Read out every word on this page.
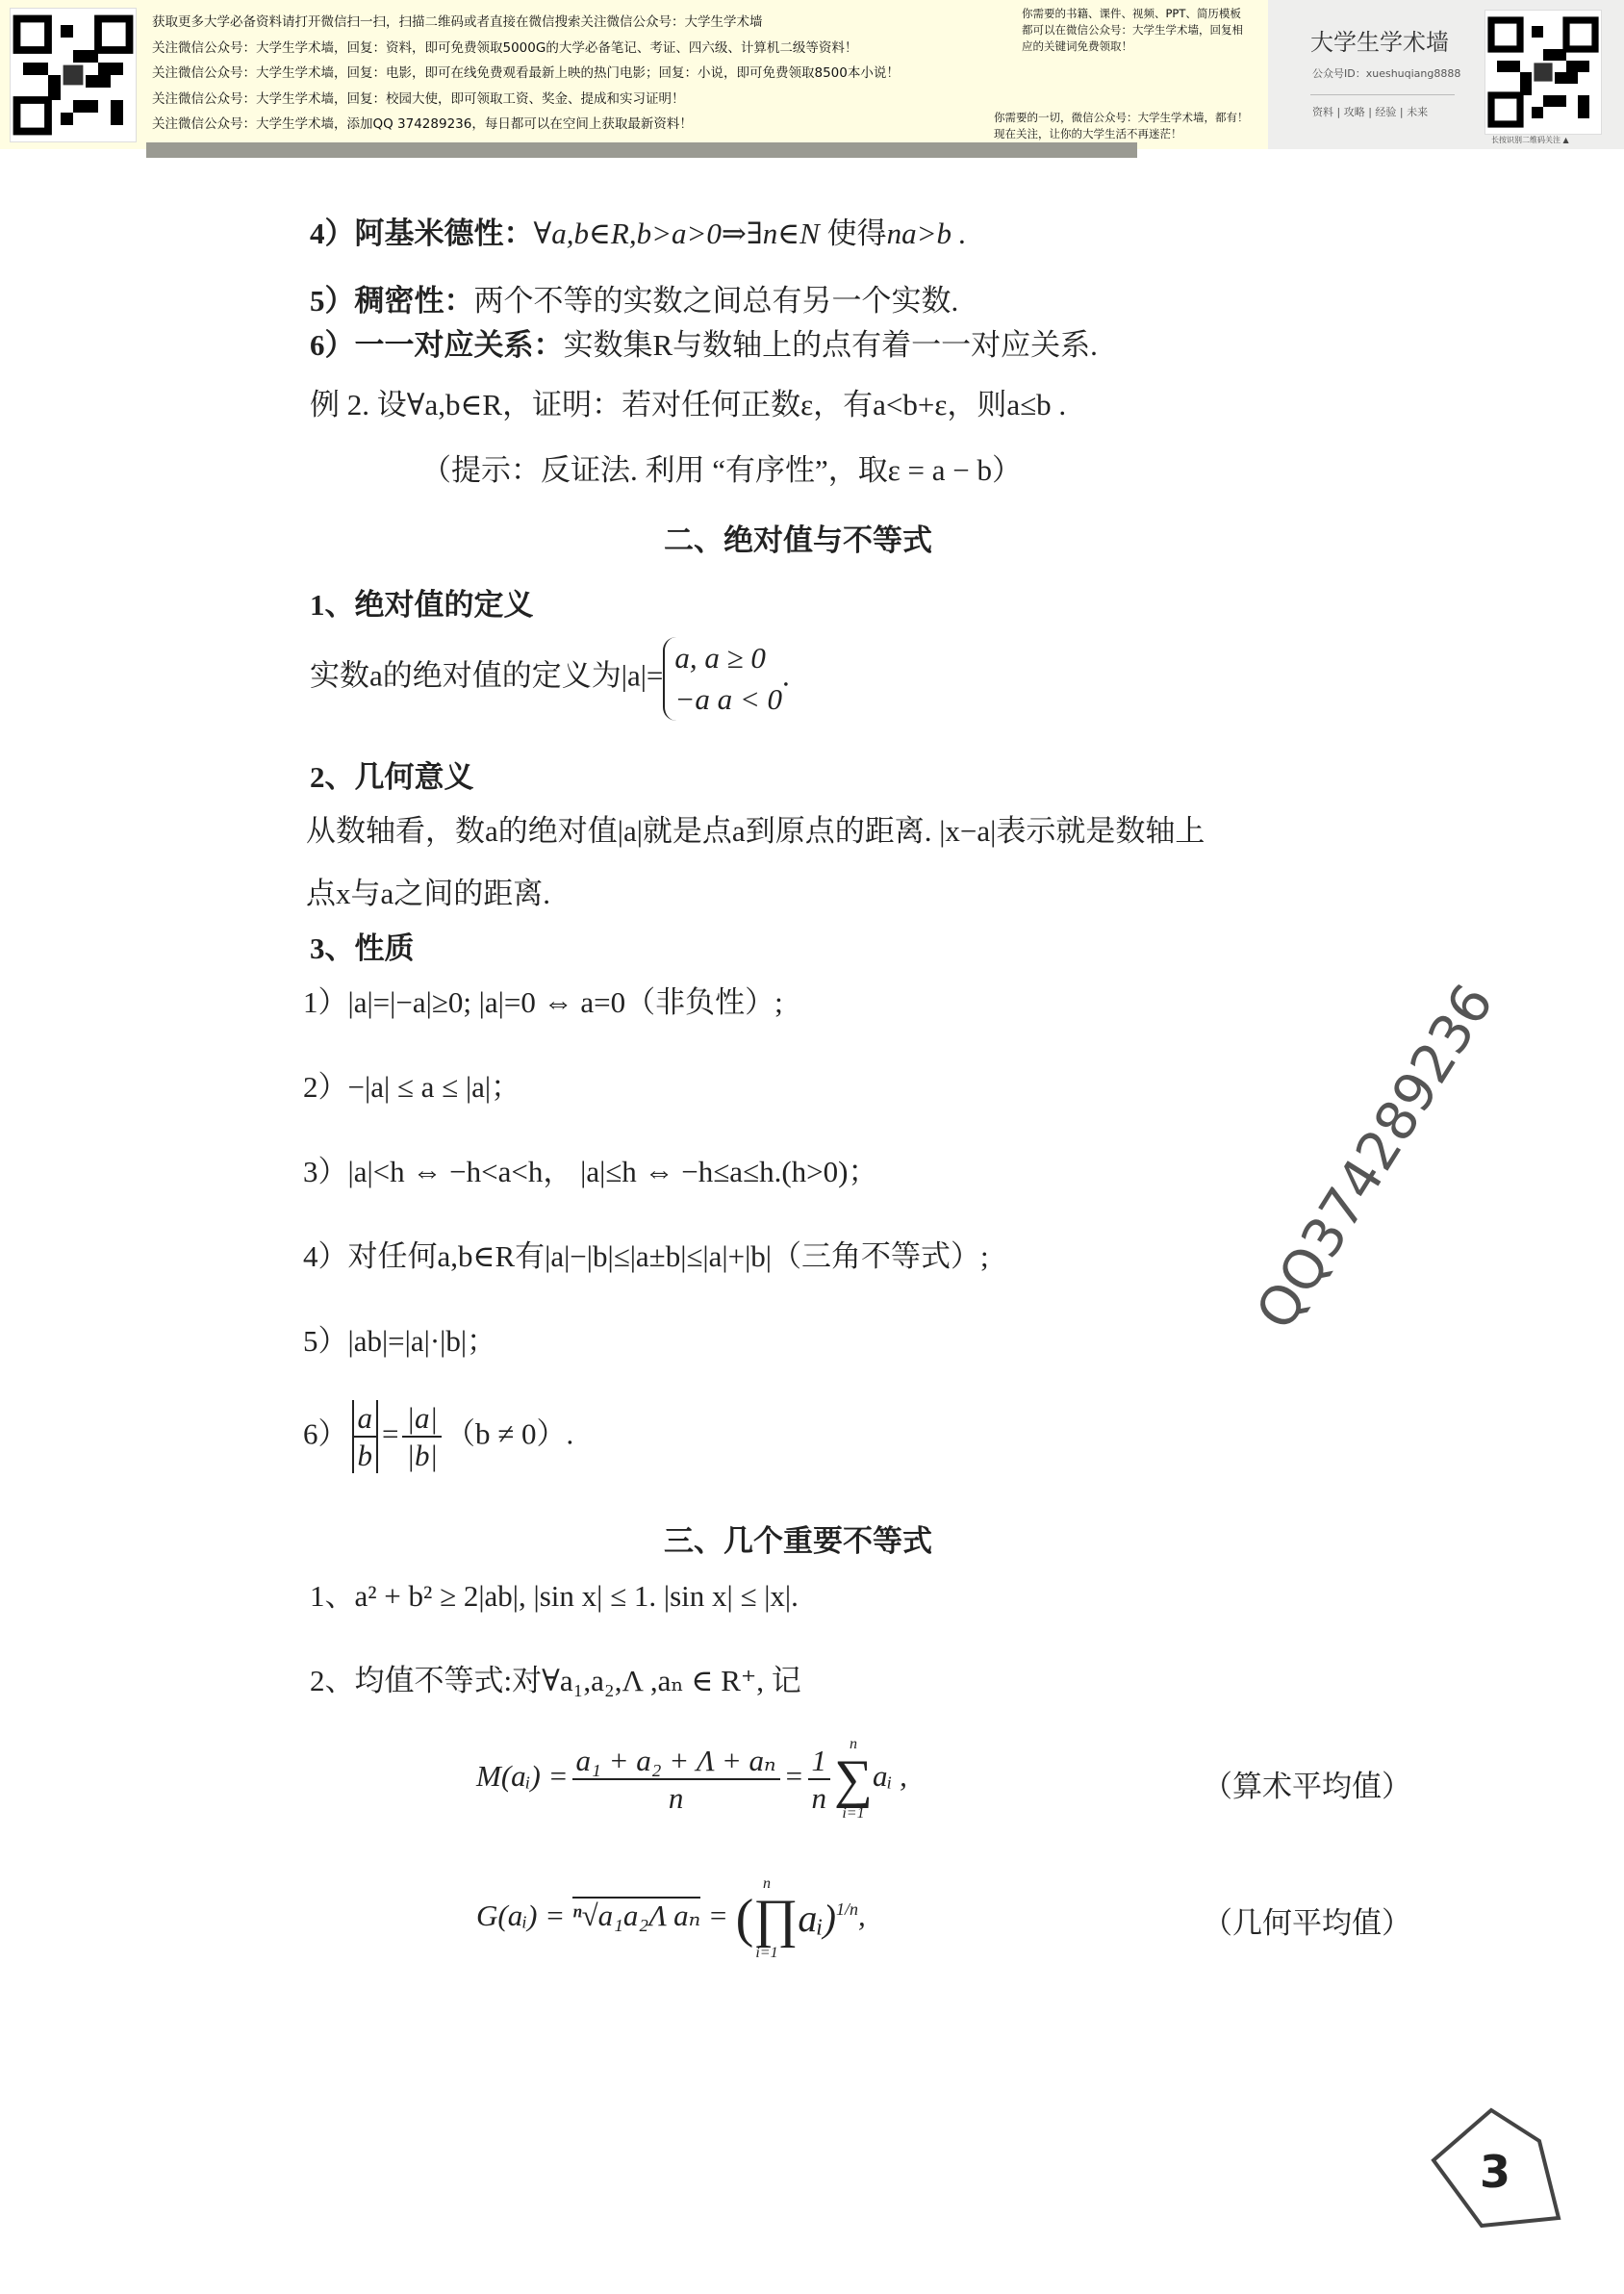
获取更多大学必备资料请打开微信扫一扫，扫描二维码或者直接在微信搜索关注微信公众号：大学生学术墙
关注微信公众号：大学生学术墙，回复：资料，即可免费领取5000G的大学必备笔记、考证、四六级、计算机二级等资料！
关注微信公众号：大学生学术墙，回复：电影，即可在线免费观看最新上映的热门电影；回复：小说，即可免费领取8500本小说！
关注微信公众号：大学生学术墙，回复：校园大使，即可领取工资、奖金、提成和实习证明！
关注微信公众号：大学生学术墙，添加QQ 374289236，每日都可以在空间上获取最新资料！
你需要的书籍、课件、视频、PPT、简历模板
都可以在微信公众号：大学生学术墙，回复相
应的关键词免费领取！
你需要的一切，微信公众号：大学生学术墙，都有！
现在关注，让你的大学生活不再迷茫！
大学生学术墙
公众号ID：xueshuqiang8888
资料 | 攻略 | 经验 | 未来
长按识别二维码关注 ▲
4）阿基米德性：∀a,b∈R,b>a>0⇒∃n∈N 使得na>b .
5）稠密性：两个不等的实数之间总有另一个实数.
6）一一对应关系：实数集R与数轴上的点有着一一对应关系.
例 2. 设∀a,b∈R，证明：若对任何正数ε，有a<b+ε，则a≤b .
（提示：反证法. 利用 “有序性”，取ε = a − b）
二、绝对值与不等式
1、绝对值的定义
实数a的绝对值的定义为|a|=
a, a ≥ 0
−a a < 0
.
2、几何意义
从数轴看，数a的绝对值|a|就是点a到原点的距离. |x−a|表示就是数轴上
点x与a之间的距离.
3、性质
1）|a|=|−a|≥0; |a|=0 ⇔ a=0（非负性）;
2）−|a| ≤ a ≤ |a|；
3）|a|<h ⇔ −h<a<h， |a|≤h ⇔ −h≤a≤h.(h>0)；
4）对任何a,b∈R有|a|−|b|≤|a±b|≤|a|+|b|（三角不等式）;
5）|ab|=|a|·|b|；
$6) \frac{a}{b} = \frac{|a|}{|b|} (b \ne 0)$.
三、几个重要不等式
1、a² + b² ≥ 2|ab|, |sin x| ≤ 1. |sin x| ≤ |x|.
2、均值不等式:对∀a₁,a₂,Λ ,aₙ ∈ R⁺, 记
M(aᵢ) = $\frac{\text{a₁ + a₂ + Λ + aₙ}}{n} = \frac{1}{n}$	n
∑
i=1
aᵢ ,	（算术平均值）
G(aᵢ) = ⁿ√a₁a₂Λ aₙ =
n
(∏
i=1
aᵢ)$^{1/n}$,	（几何平均值）
QQ374289236
3
